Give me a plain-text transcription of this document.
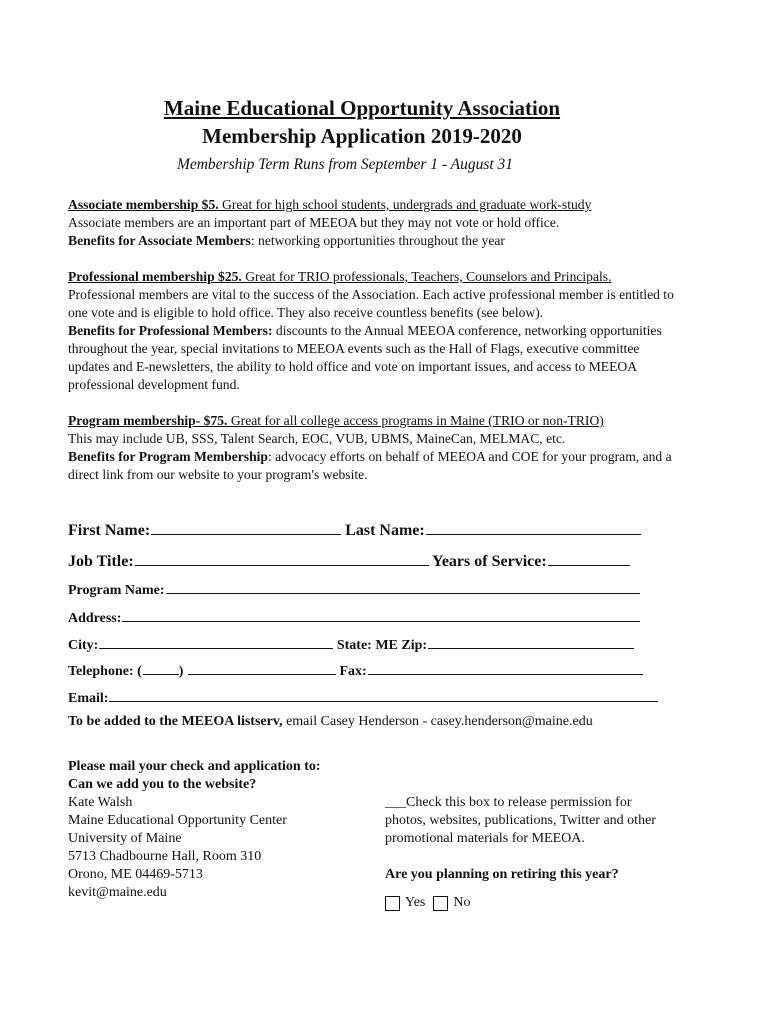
Maine Educational Opportunity Association
Membership Application 2019-2020
Membership Term Runs from September 1 - August 31
Associate membership $5. Great for high school students, undergrads and graduate work-study
Associate members are an important part of MEEOA but they may not vote or hold office.
Benefits for Associate Members: networking opportunities throughout the year
Professional membership $25. Great for TRIO professionals, Teachers, Counselors and Principals.
Professional members are vital to the success of the Association. Each active professional member is entitled to one vote and is eligible to hold office. They also receive countless benefits (see below).
Benefits for Professional Members: discounts to the Annual MEEOA conference, networking opportunities throughout the year, special invitations to MEEOA events such as the Hall of Flags, executive committee updates and E-newsletters, the ability to hold office and vote on important issues, and access to MEEOA professional development fund.
Program membership- $75. Great for all college access programs in Maine (TRIO or non-TRIO)
This may include UB, SSS, Talent Search, EOC, VUB, UBMS, MaineCan, MELMAC, etc.
Benefits for Program Membership: advocacy efforts on behalf of MEEOA and COE for your program, and a direct link from our website to your program's website.
First Name:	Last Name:
Job Title:	Years of Service:
Program Name:
Address:
City:	State: ME Zip:
Telephone: (	)	Fax:
Email:
To be added to the MEEOA listserv, email Casey Henderson - casey.henderson@maine.edu
Please mail your check and application to:
Can we add you to the website?
Kate Walsh
Maine Educational Opportunity Center
University of Maine
5713 Chadbourne Hall, Room 310
Orono, ME 04469-5713
kevit@maine.edu
___Check this box to release permission for photos, websites, publications, Twitter and other promotional materials for MEEOA.
Are you planning on retiring this year?
Yes No
